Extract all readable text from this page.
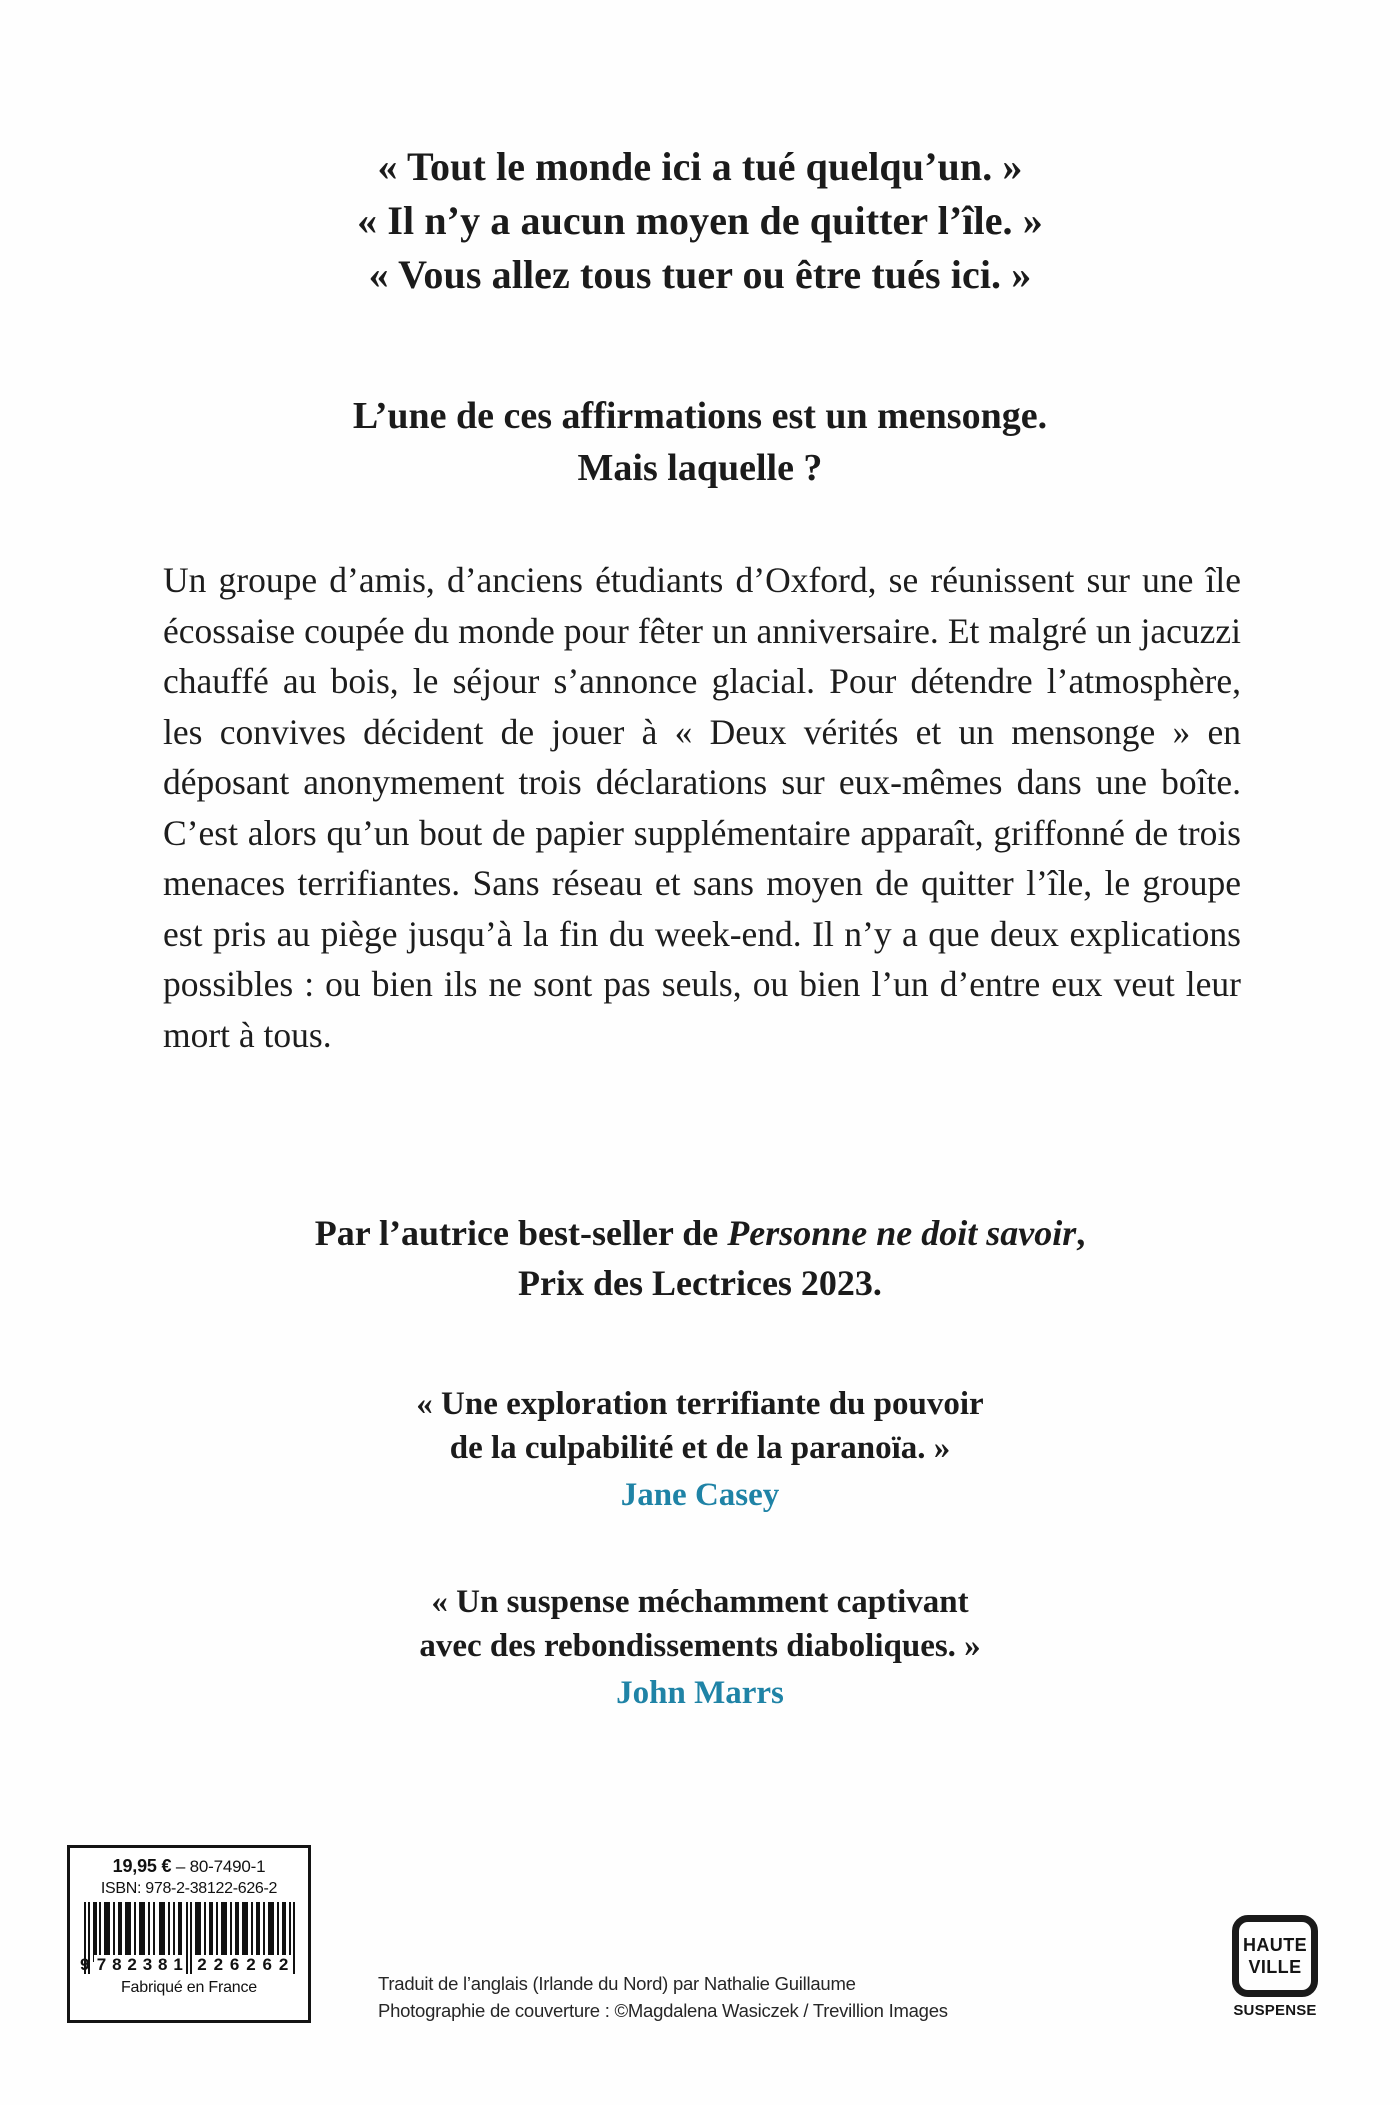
« Tout le monde ici a tué quelqu’un. »
« Il n’y a aucun moyen de quitter l’île. »
« Vous allez tous tuer ou être tués ici. »
L’une de ces affirmations est un mensonge.
Mais laquelle ?
Un groupe d’amis, d’anciens étudiants d’Oxford, se réunissent sur une île écossaise coupée du monde pour fêter un anniversaire. Et malgré un jacuzzi chauffé au bois, le séjour s’annonce glacial. Pour détendre l’atmosphère, les convives décident de jouer à « Deux vérités et un mensonge » en déposant anonymement trois déclarations sur eux-mêmes dans une boîte. C’est alors qu’un bout de papier supplémentaire apparaît, griffonné de trois menaces terrifiantes. Sans réseau et sans moyen de quitter l’île, le groupe est pris au piège jusqu’à la fin du week-end. Il n’y a que deux explications possibles : ou bien ils ne sont pas seuls, ou bien l’un d’entre eux veut leur mort à tous.
Par l’autrice best-seller de Personne ne doit savoir,
Prix des Lectrices 2023.
« Une exploration terrifiante du pouvoir
de la culpabilité et de la paranoïa. »
Jane Casey
« Un suspense méchamment captivant
avec des rebondissements diaboliques. »
John Marrs
19,95 € – 80-7490-1
ISBN: 978-2-38122-626-2
9 7 8 2 3 8 1 2 2 6 2 6 2
Fabriqué en France	Traduit de l’anglais (Irlande du Nord) par Nathalie Guillaume
Photographie de couverture : ©Magdalena Wasiczek / Trevillion Images
HAUTE
VILLE
SUSPENSE
